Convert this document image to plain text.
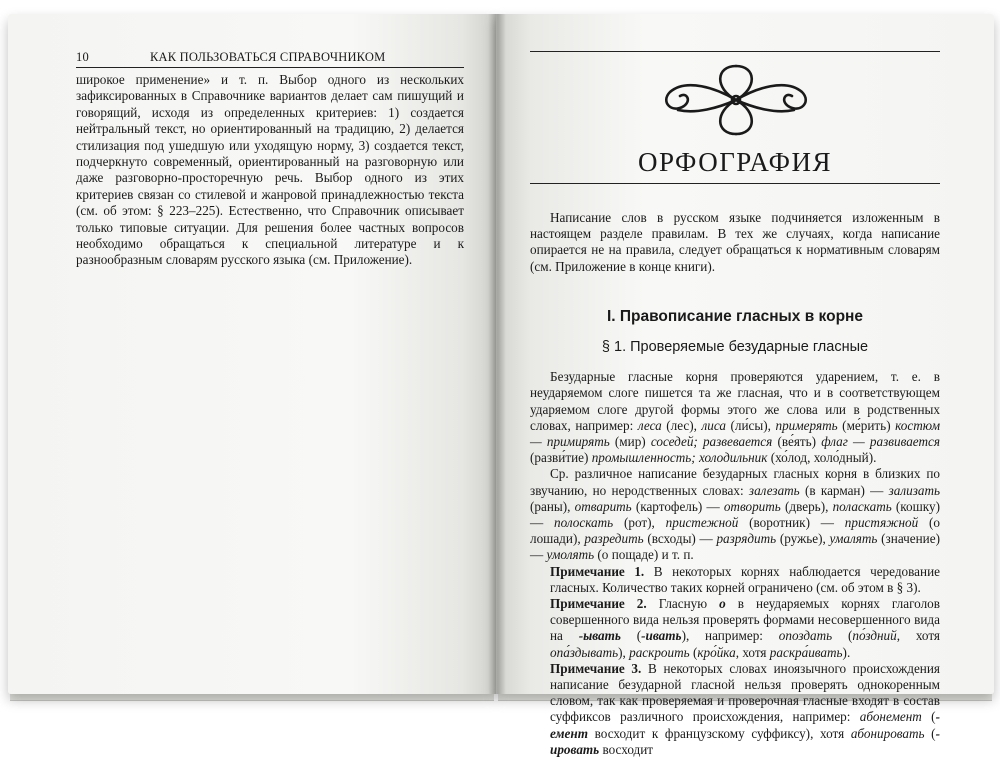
10	КАК ПОЛЬЗОВАТЬСЯ СПРАВОЧНИКОМ

широкое применение» и т. п. Выбор одного из нескольких зафиксированных в Справочнике вариантов делает сам пишущий и говорящий, исходя из определенных критериев: 1) создается нейтральный текст, но ориентированный на традицию, 2) делается стилизация под ушедшую или уходящую норму, 3) создается текст, подчеркнуто современный, ориентированный на разговорную или даже разговорно-просторечную речь. Выбор одного из этих критериев связан со стилевой и жанровой принадлежностью текста (см. об этом: § 223–225). Естественно, что Справочник описывает только типовые ситуации. Для решения более частных вопросов необходимо обращаться к специальной литературе и к разнообразным словарям русского языка (см. Приложение).

ОРФОГРАФИЯ

Написание слов в русском языке подчиняется изложенным в настоящем разделе правилам. В тех же случаях, когда написание опирается не на правила, следует обращаться к нормативным словарям (см. Приложение в конце книги).

I. Правописание гласных в корне
§ 1. Проверяемые безударные гласные

Безударные гласные корня проверяются ударением, т. е. в неударяемом слоге пишется та же гласная, что и в соответствующем ударяемом слоге другой формы этого же слова или в родственных словах, например: леса (лес), лиса (ли́сы), примерять (ме́рить) костюм — примирять (мир) соседей; развевается (ве́ять) флаг — развивается (разви́тие) промышленность; холодильник (хо́лод, холо́дный).

Ср. различное написание безударных гласных корня в близких по звучанию, но неродственных словах: залезать (в карман) — зализать (раны), отварить (картофель) — отворить (дверь), поласкать (кошку) — полоскать (рот), пристежной (воротник) — пристяжной (о лошади), разредить (всходы) — разрядить (ружье), умалять (значение) — умолять (о пощаде) и т. п.

Примечание 1. В некоторых корнях наблюдается чередование гласных. Количество таких корней ограничено (см. об этом в § 3).

Примечание 2. Гласную о в неударяемых корнях глаголов совершенного вида нельзя проверять формами несовершенного вида на -ывать (-ивать), например: опоздать (по́здний, хотя опа́здывать), раскроить (кро́йка, хотя раскра́ивать).

Примечание 3. В некоторых словах иноязычного происхождения написание безударной гласной нельзя проверять однокоренным словом, так как проверяемая и проверочная гласные входят в состав суффиксов различного происхождения, например: абонемент (-емент восходит к французскому суффиксу), хотя абонировать (-ировать восходит
